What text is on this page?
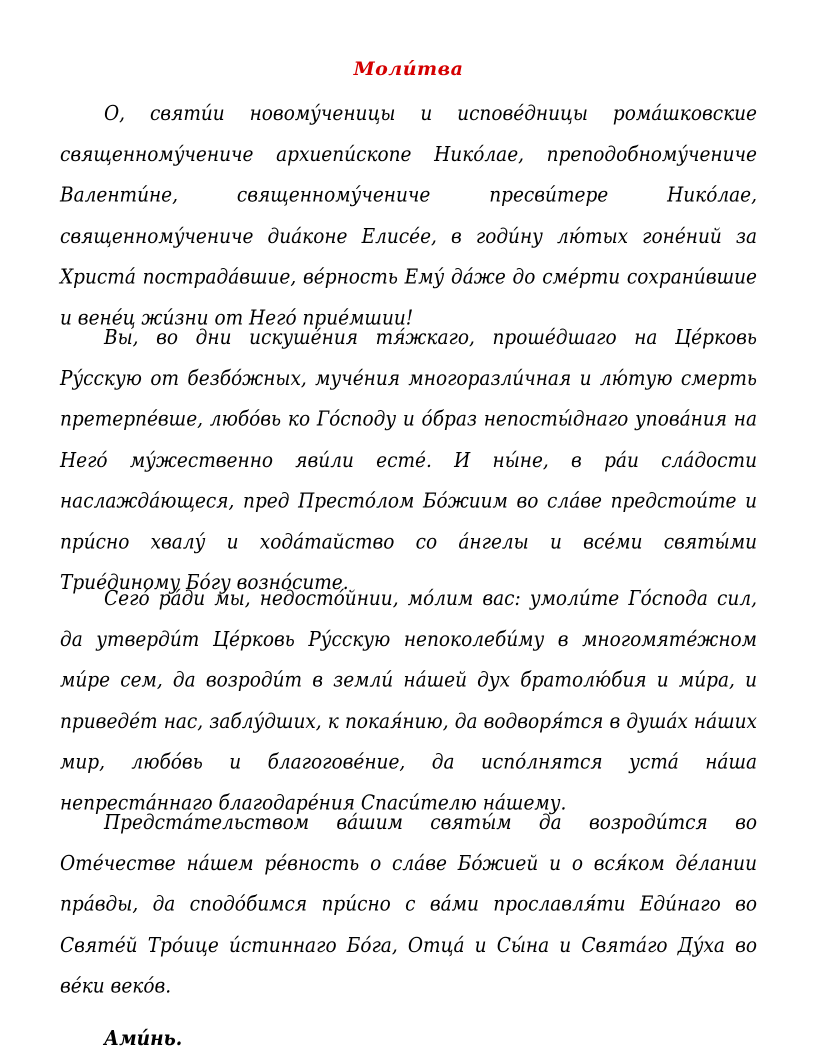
Моли́тва

О, святи́и новому́ченицы и испове́дницы рома́шковские священному́чениче архиепи́скопе Нико́лае, преподобному́чениче Валенти́не, священному́чениче пресви́тере Нико́лае, священному́чениче диа́коне Елисе́е, в годи́ну лю́тых гоне́ний за Христа́ пострада́вшие, ве́рность Ему́ да́же до сме́рти сохрани́вшие и вене́ц жи́зни от Него́ прие́мшии!

Вы, во дни искуше́ния тя́жкаго, проше́дшаго на Це́рковь Ру́сскую от безбо́жных, муче́ния многоразли́чная и лю́тую смерть претерпе́вше, любо́вь ко Го́споду и о́браз непосты́днаго упова́ния на Него́ му́жественно яви́ли есте́. И ны́не, в ра́и сла́дости наслажда́ющеся, пред Престо́лом Бо́жиим во сла́ве предстои́те и при́сно хвалу́ и хода́тайство со а́нгелы и все́ми святы́ми Трие́диному Бо́гу возно́сите.

Сего́ ра́ди мы, недосто́йнии, мо́лим вас: умоли́те Го́спода сил, да утверди́т Це́рковь Ру́сскую непоколеби́му в многомяте́жном ми́ре сем, да возроди́т в земли́ на́шей дух братолю́бия и ми́ра, и приведе́т нас, заблу́дших, к покая́нию, да водворя́тся в душа́х на́ших мир, любо́вь и благогове́ние, да испо́лнятся уста́ на́ша непреста́ннаго благодаре́ния Спаси́телю на́шему.

Предста́тельством ва́шим святы́м да возроди́тся во Оте́честве на́шем ре́вность о сла́ве Бо́жией и о вся́ком де́лании пра́вды, да сподо́бимся при́сно с ва́ми прославля́ти Еди́наго во Святе́й Тро́ице и́стиннаго Бо́га, Отца́ и Сы́на и Свята́го Ду́ха во ве́ки веко́в.

Ами́нь.
